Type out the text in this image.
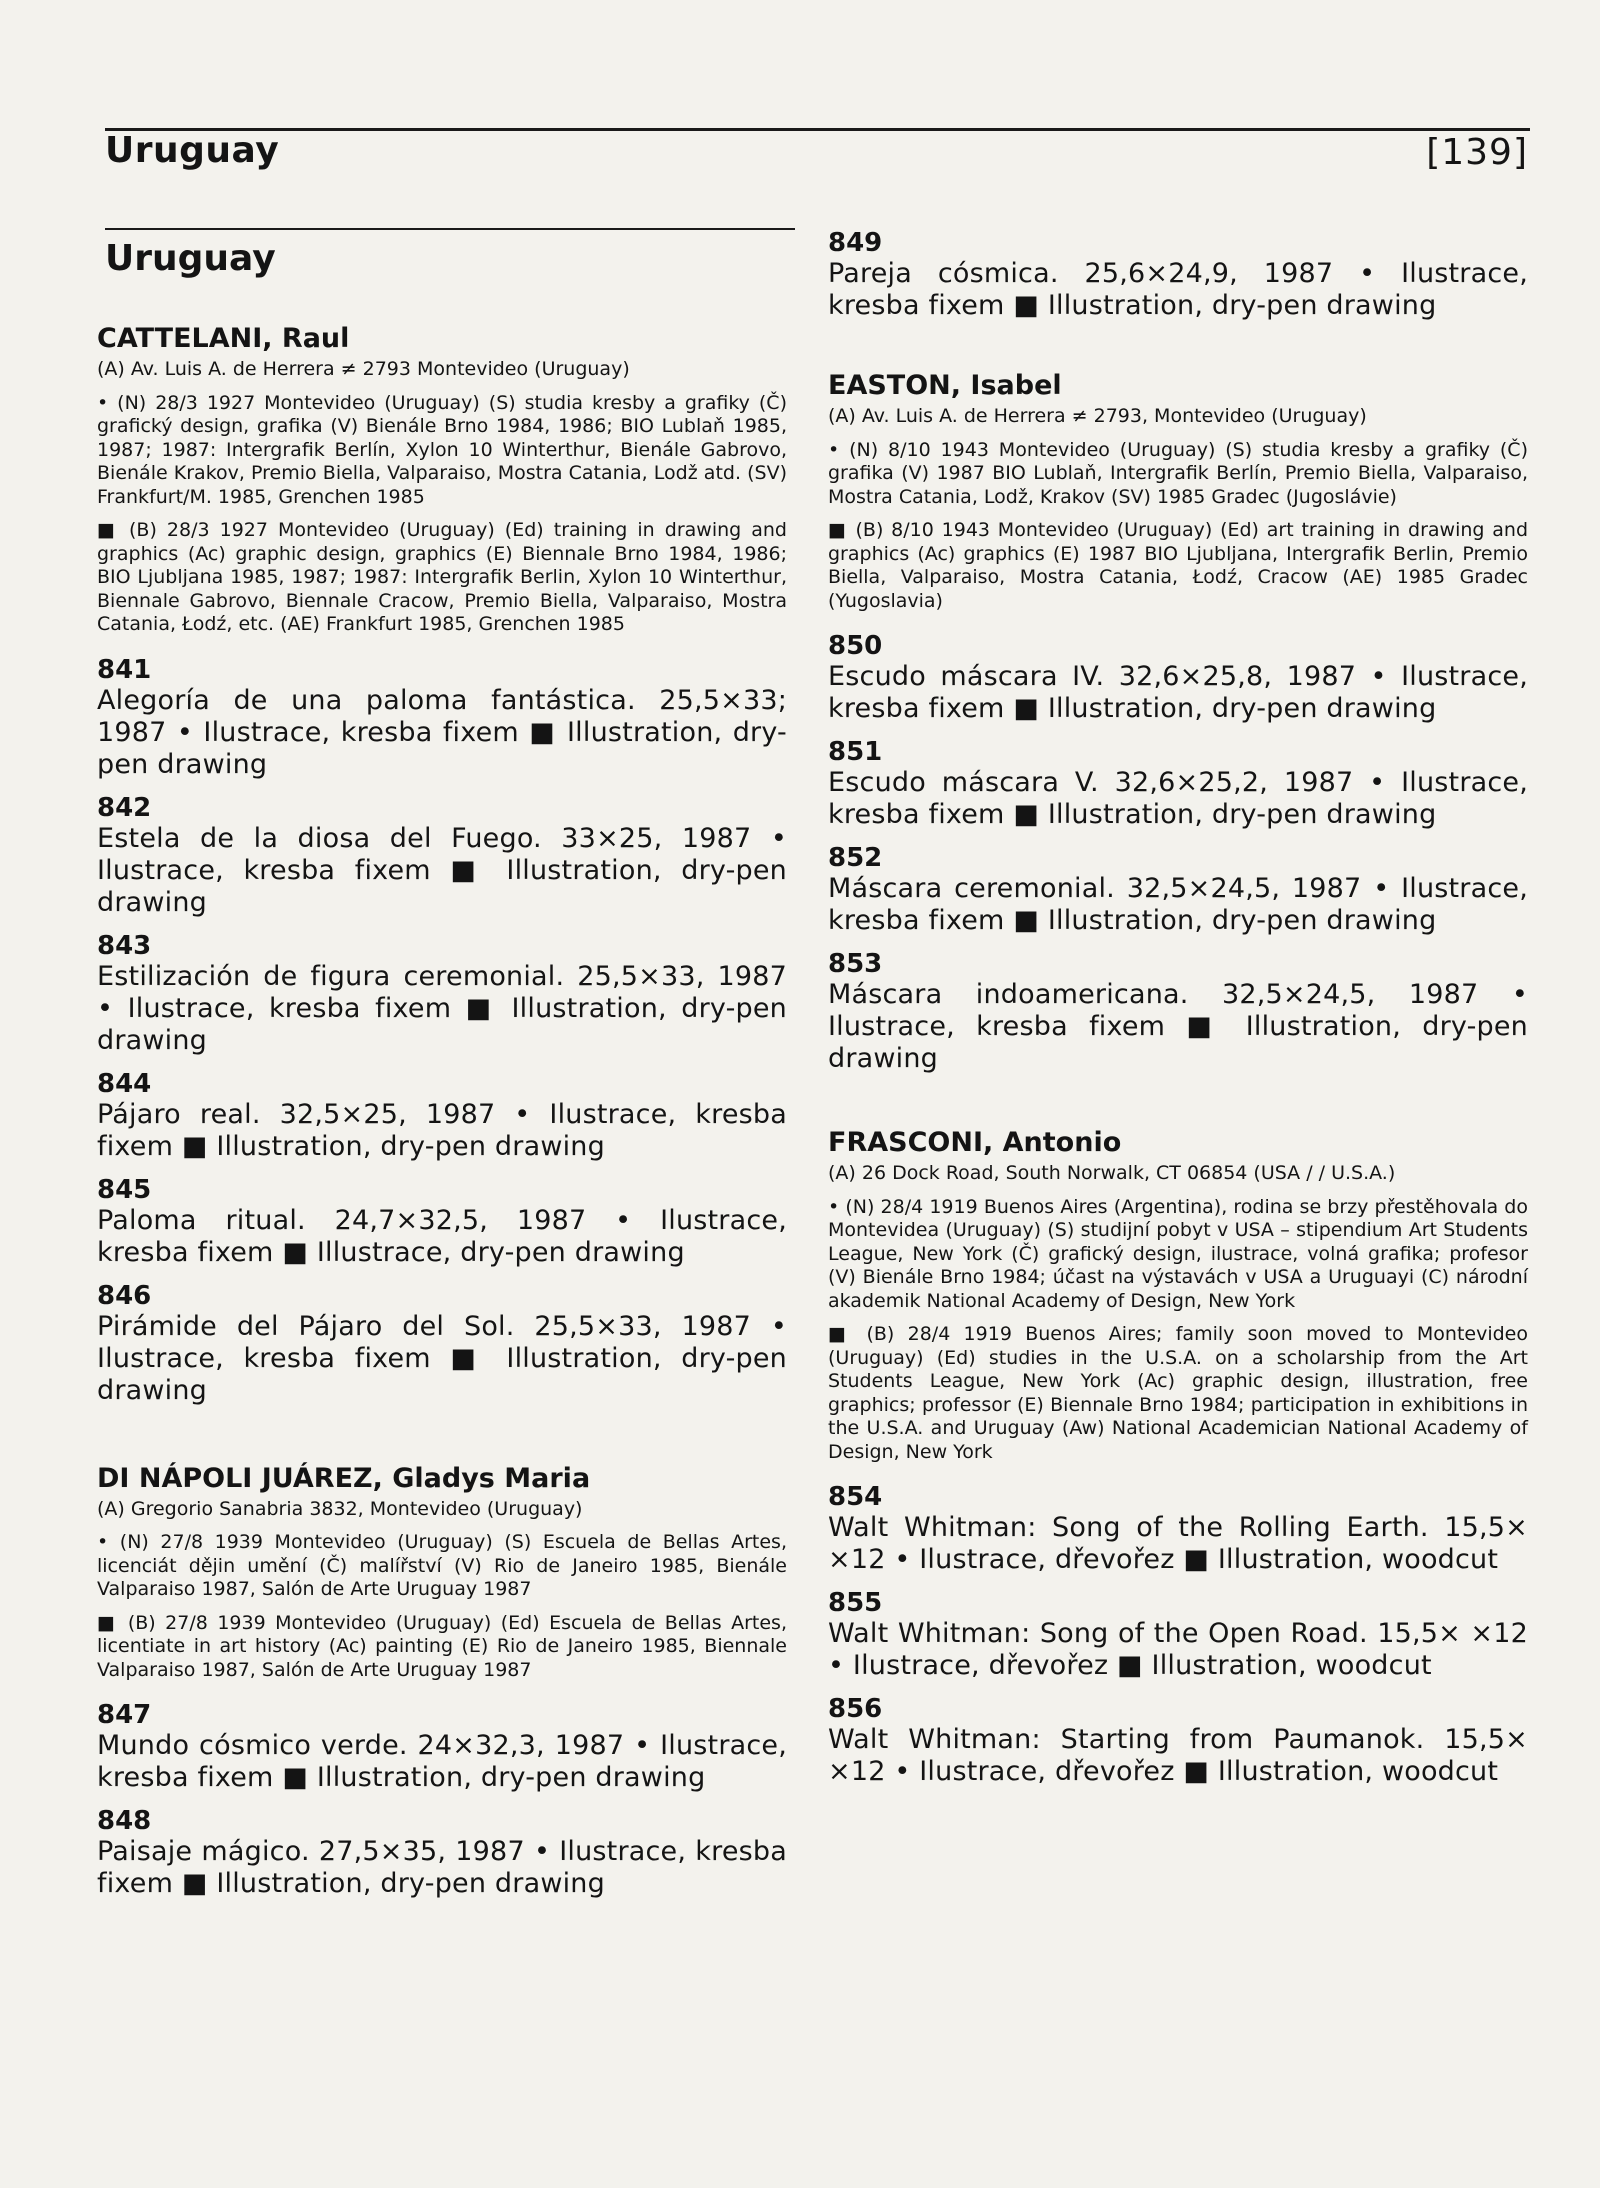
Uruguay	[139]
Uruguay
CATTELANI, Raul

(A) Av. Luis A. de Herrera ≠ 2793 Montevideo (Uruguay)

• (N) 28/3 1927 Montevideo (Uruguay) (S) studia kresby a grafiky (Č) grafický design, grafika (V) Bienále Brno 1984, 1986; BIO Lublaň 1985, 1987; 1987: Intergrafik Berlín, Xylon 10 Winterthur, Bienále Gabrovo, Bienále Krakov, Premio Biella, Valparaiso, Mostra Catania, Lodž atd. (SV) Frankfurt/M. 1985, Grenchen 1985

■ (B) 28/3 1927 Montevideo (Uruguay) (Ed) training in drawing and graphics (Ac) graphic design, graphics (E) Biennale Brno 1984, 1986; BIO Ljubljana 1985, 1987; 1987: Intergrafik Berlin, Xylon 10 Winterthur, Biennale Gabrovo, Biennale Cracow, Premio Biella, Valparaiso, Mostra Catania, Łodź, etc. (AE) Frankfurt 1985, Grenchen 1985

841
Alegoría de una paloma fantástica. 25,5×33; 1987 • Ilustrace, kresba fixem ■ Illustration, dry-pen drawing
842
Estela de la diosa del Fuego. 33×25, 1987 • Ilustrace, kresba fixem ■ Illustration, dry-pen drawing
843
Estilización de figura ceremonial. 25,5×33, 1987 • Ilustrace, kresba fixem ■ Illustration, dry-pen drawing
844
Pájaro real. 32,5×25, 1987 • Ilustrace, kresba fixem ■ Illustration, dry-pen drawing
845
Paloma ritual. 24,7×32,5, 1987 • Ilustrace, kresba fixem ■ Illustrace, dry-pen drawing
846
Pirámide del Pájaro del Sol. 25,5×33, 1987 • Ilustrace, kresba fixem ■ Illustration, dry-pen drawing
DI NÁPOLI JUÁREZ, Gladys Maria

(A) Gregorio Sanabria 3832, Montevideo (Uruguay)

• (N) 27/8 1939 Montevideo (Uruguay) (S) Escuela de Bellas Artes, licenciát dějin umění (Č) malířství (V) Rio de Janeiro 1985, Bienále Valparaiso 1987, Salón de Arte Uruguay 1987

■ (B) 27/8 1939 Montevideo (Uruguay) (Ed) Escuela de Bellas Artes, licentiate in art history (Ac) painting (E) Rio de Janeiro 1985, Biennale Valparaiso 1987, Salón de Arte Uruguay 1987

847
Mundo cósmico verde. 24×32,3, 1987 • Ilustrace, kresba fixem ■ Illustration, dry-pen drawing
848
Paisaje mágico. 27,5×35, 1987 • Ilustrace, kresba fixem ■ Illustration, dry-pen drawing
849
Pareja cósmica. 25,6×24,9, 1987 • Ilustrace, kresba fixem ■ Illustration, dry-pen drawing
EASTON, Isabel

(A) Av. Luis A. de Herrera ≠ 2793, Montevideo (Uruguay)

• (N) 8/10 1943 Montevideo (Uruguay) (S) studia kresby a grafiky (Č) grafika (V) 1987 BIO Lublaň, Intergrafik Berlín, Premio Biella, Valparaiso, Mostra Catania, Lodž, Krakov (SV) 1985 Gradec (Jugoslávie)

■ (B) 8/10 1943 Montevideo (Uruguay) (Ed) art training in drawing and graphics (Ac) graphics (E) 1987 BIO Ljubljana, Intergrafik Berlin, Premio Biella, Valparaiso, Mostra Catania, Łodź, Cracow (AE) 1985 Gradec (Yugoslavia)

850
Escudo máscara IV. 32,6×25,8, 1987 • Ilustrace, kresba fixem ■ Illustration, dry-pen drawing
851
Escudo máscara V. 32,6×25,2, 1987 • Ilustrace, kresba fixem ■ Illustration, dry-pen drawing
852
Máscara ceremonial. 32,5×24,5, 1987 • Ilustrace, kresba fixem ■ Illustration, dry-pen drawing
853
Máscara indoamericana. 32,5×24,5, 1987 • Ilustrace, kresba fixem ■ Illustration, dry-pen drawing
FRASCONI, Antonio

(A) 26 Dock Road, South Norwalk, CT 06854 (USA / / U.S.A.)

• (N) 28/4 1919 Buenos Aires (Argentina), rodina se brzy přestěhovala do Montevidea (Uruguay) (S) studijní pobyt v USA – stipendium Art Students League, New York (Č) grafický design, ilustrace, volná grafika; profesor (V) Bienále Brno 1984; účast na výstavách v USA a Uruguayi (C) národní akademik National Academy of Design, New York

■ (B) 28/4 1919 Buenos Aires; family soon moved to Montevideo (Uruguay) (Ed) studies in the U.S.A. on a scholarship from the Art Students League, New York (Ac) graphic design, illustration, free graphics; professor (E) Biennale Brno 1984; participation in exhibitions in the U.S.A. and Uruguay (Aw) National Academician National Academy of Design, New York

854
Walt Whitman: Song of the Rolling Earth. 15,5× ×12 • Ilustrace, dřevořez ■ Illustration, woodcut
855
Walt Whitman: Song of the Open Road. 15,5× ×12 • Ilustrace, dřevořez ■ Illustration, woodcut
856
Walt Whitman: Starting from Paumanok. 15,5× ×12 • Ilustrace, dřevořez ■ Illustration, woodcut
